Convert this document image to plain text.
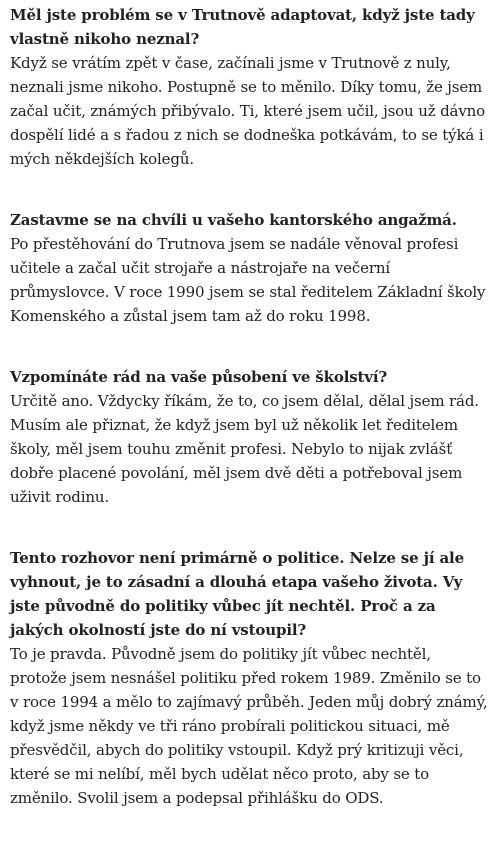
Měl jste problém se v Trutnově adaptovat, když jste tady vlastně nikoho neznal?

Když se vrátím zpět v čase, začínali jsme v Trutnově z nuly, neznali jsme nikoho. Postupně se to měnilo. Díky tomu, že jsem začal učit, známých přibývalo. Ti, které jsem učil, jsou už dávno dospělí lidé a s řadou z nich se dodneška potkávám, to se týká i mých někdejších kolegů.

Zastavme se na chvíli u vašeho kantorského angažmá.

Po přestěhování do Trutnova jsem se nadále věnoval profesi učitele a začal učit strojaře a nástrojaře na večerní průmyslovce. V roce 1990 jsem se stal ředitelem Základní školy Komenského a zůstal jsem tam až do roku 1998.

Vzpomínáte rád na vaše působení ve školství?

Určitě ano. Vždycky říkám, že to, co jsem dělal, dělal jsem rád. Musím ale přiznat, že když jsem byl už několik let ředitelem školy, měl jsem touhu změnit profesi. Nebylo to nijak zvlášť dobře placené povolání, měl jsem dvě děti a potřeboval jsem uživit rodinu.

Tento rozhovor není primárně o politice. Nelze se jí ale vyhnout, je to zásadní a dlouhá etapa vašeho života. Vy jste původně do politiky vůbec jít nechtěl. Proč a za jakých okolností jste do ní vstoupil?

To je pravda. Původně jsem do politiky jít vůbec nechtěl, protože jsem nesnášel politiku před rokem 1989. Změnilo se to v roce 1994 a mělo to zajímavý průběh. Jeden můj dobrý známý, když jsme někdy ve tři ráno probírali politickou situaci, mě přesvědčil, abych do politiky vstoupil. Když prý kritizuji věci, které se mi nelíbí, měl bych udělat něco proto, aby se to změnilo. Svolil jsem a podepsal přihlášku do ODS.
